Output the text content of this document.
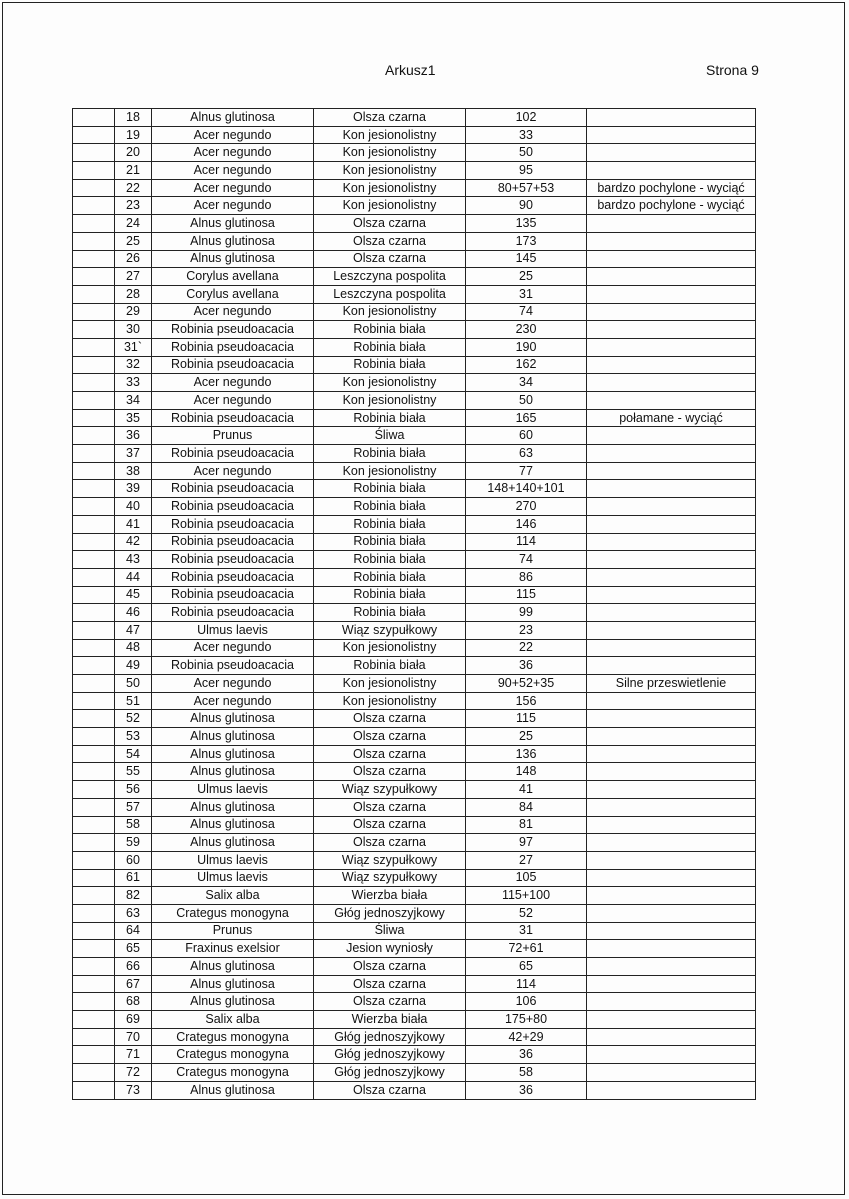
Arkusz1	Strona 9
	18	Alnus glutinosa	Olsza czarna	102	
	19	Acer negundo	Kon jesionolistny	33	
	20	Acer negundo	Kon jesionolistny	50	
	21	Acer negundo	Kon jesionolistny	95	
	22	Acer negundo	Kon jesionolistny	80+57+53	bardzo pochylone - wyciąć
	23	Acer negundo	Kon jesionolistny	90	bardzo pochylone - wyciąć
	24	Alnus glutinosa	Olsza czarna	135	
	25	Alnus glutinosa	Olsza czarna	173	
	26	Alnus glutinosa	Olsza czarna	145	
	27	Corylus avellana	Leszczyna pospolita	25	
	28	Corylus avellana	Leszczyna pospolita	31	
	29	Acer negundo	Kon jesionolistny	74	
	30	Robinia pseudoacacia	Robinia biała	230	
	31`	Robinia pseudoacacia	Robinia biała	190	
	32	Robinia pseudoacacia	Robinia biała	162	
	33	Acer negundo	Kon jesionolistny	34	
	34	Acer negundo	Kon jesionolistny	50	
	35	Robinia pseudoacacia	Robinia biała	165	połamane - wyciąć
	36	Prunus	Śliwa	60	
	37	Robinia pseudoacacia	Robinia biała	63	
	38	Acer negundo	Kon jesionolistny	77	
	39	Robinia pseudoacacia	Robinia biała	148+140+101	
	40	Robinia pseudoacacia	Robinia biała	270	
	41	Robinia pseudoacacia	Robinia biała	146	
	42	Robinia pseudoacacia	Robinia biała	114	
	43	Robinia pseudoacacia	Robinia biała	74	
	44	Robinia pseudoacacia	Robinia biała	86	
	45	Robinia pseudoacacia	Robinia biała	115	
	46	Robinia pseudoacacia	Robinia biała	99	
	47	Ulmus laevis	Wiąz szypułkowy	23	
	48	Acer negundo	Kon jesionolistny	22	
	49	Robinia pseudoacacia	Robinia biała	36	
	50	Acer negundo	Kon jesionolistny	90+52+35	Silne przeswietlenie
	51	Acer negundo	Kon jesionolistny	156	
	52	Alnus glutinosa	Olsza czarna	115	
	53	Alnus glutinosa	Olsza czarna	25	
	54	Alnus glutinosa	Olsza czarna	136	
	55	Alnus glutinosa	Olsza czarna	148	
	56	Ulmus laevis	Wiąz szypułkowy	41	
	57	Alnus glutinosa	Olsza czarna	84	
	58	Alnus glutinosa	Olsza czarna	81	
	59	Alnus glutinosa	Olsza czarna	97	
	60	Ulmus laevis	Wiąz szypułkowy	27	
	61	Ulmus laevis	Wiąz szypułkowy	105	
	82	Salix alba	Wierzba biała	115+100	
	63	Crategus monogyna	Głóg jednoszyjkowy	52	
	64	Prunus	Śliwa	31	
	65	Fraxinus exelsior	Jesion wyniosły	72+61	
	66	Alnus glutinosa	Olsza czarna	65	
	67	Alnus glutinosa	Olsza czarna	114	
	68	Alnus glutinosa	Olsza czarna	106	
	69	Salix alba	Wierzba biała	175+80	
	70	Crategus monogyna	Głóg jednoszyjkowy	42+29	
	71	Crategus monogyna	Głóg jednoszyjkowy	36	
	72	Crategus monogyna	Głóg jednoszyjkowy	58	
	73	Alnus glutinosa	Olsza czarna	36	
